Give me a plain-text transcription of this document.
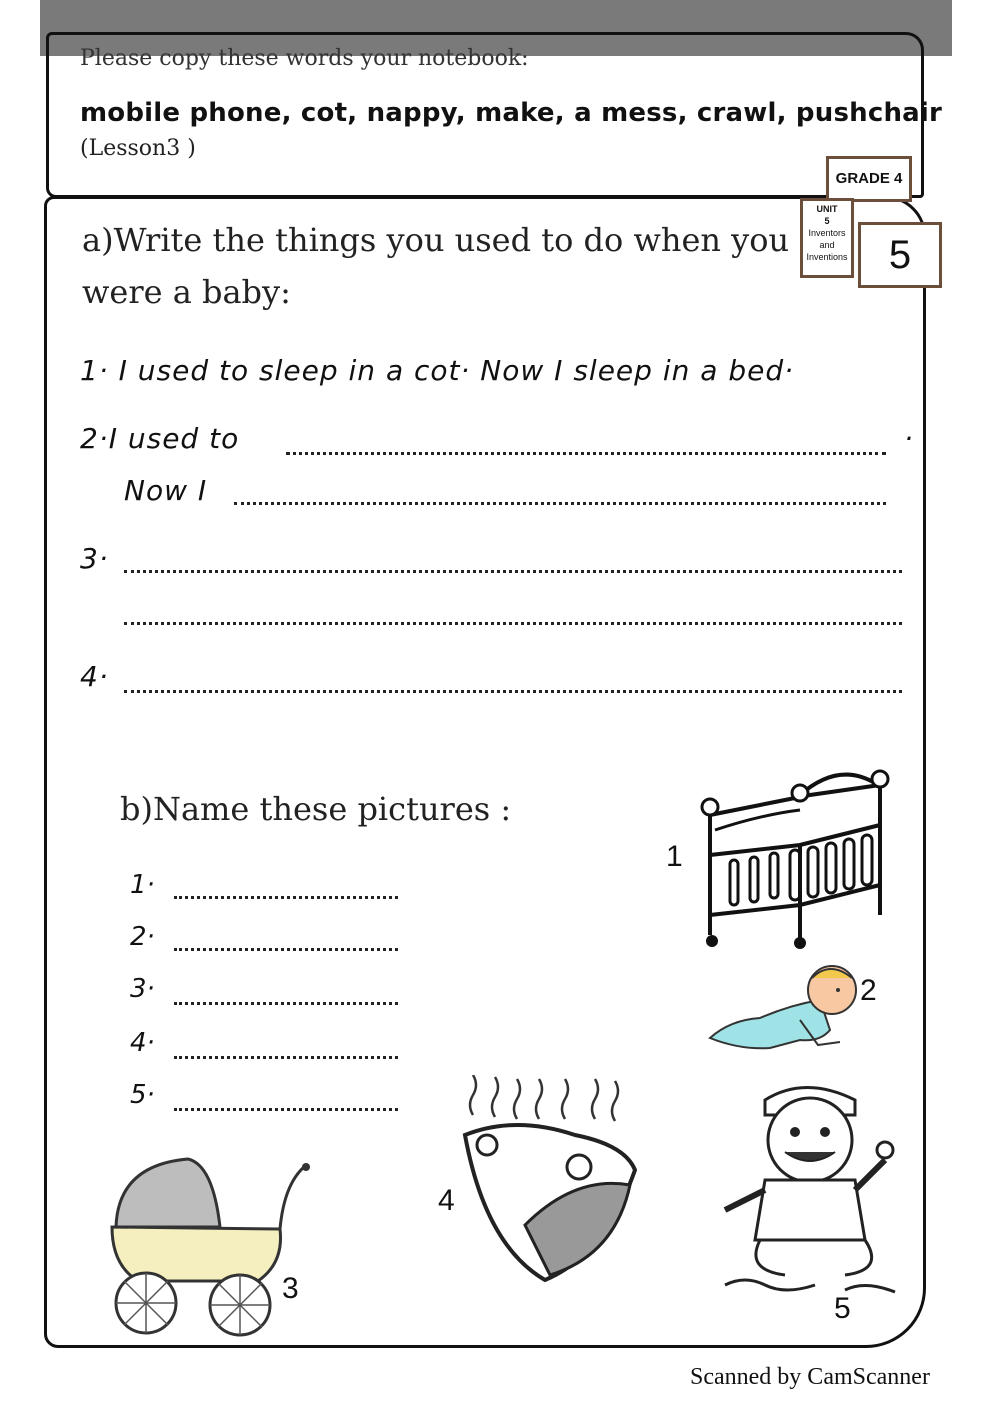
Please copy these words your notebook:
mobile phone, cot, nappy, make, a mess, crawl, pushchair
(Lesson3 )
GRADE 4
UNIT
5
Inventors
and
Inventions	5
a)Write the things you used to do when you
were a baby:
1· I used to sleep in a cot· Now I sleep in a bed·
2·I used to	·
Now I
3·
4·
b)Name these pictures :
1·
2·
3·
4·
5·
1
2
3
4
5
Scanned by CamScanner
